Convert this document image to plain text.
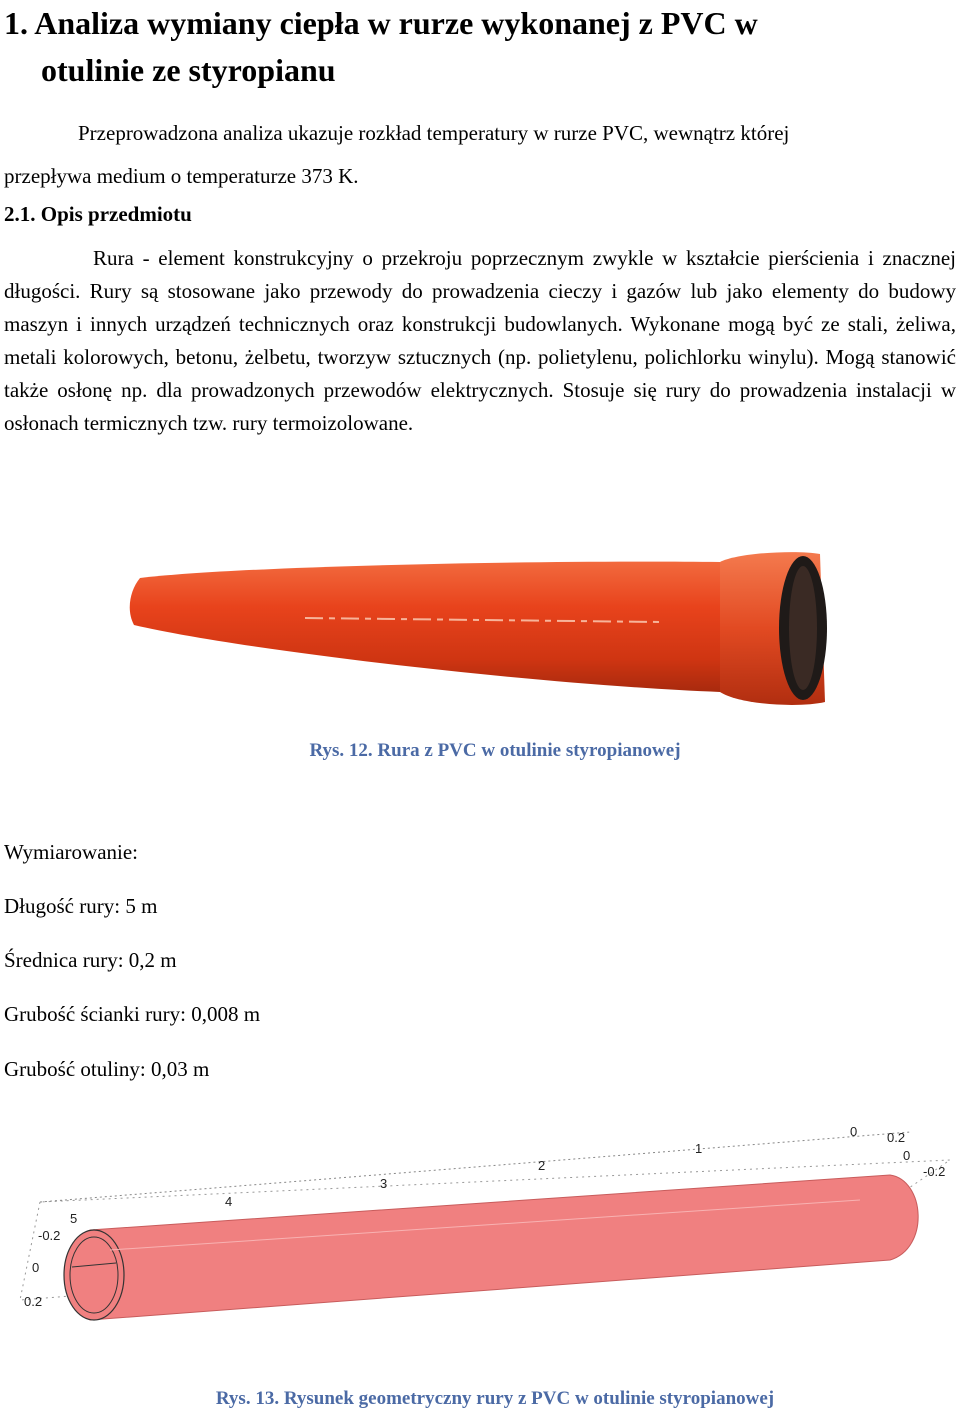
1. Analiza wymiany ciepła w rurze wykonanej z PVC w
otulinie ze styropianu

Przeprowadzona analiza ukazuje rozkład temperatury w rurze PVC, wewnątrz której
przepływa medium o temperaturze 373 K.

2.1. Opis przedmiotu

Rura - element konstrukcyjny o przekroju poprzecznym zwykle w kształcie pierścienia i znacznej długości. Rury są stosowane jako przewody do prowadzenia cieczy i gazów lub jako elementy do budowy maszyn i innych urządzeń technicznych oraz konstrukcji budowlanych. Wykonane mogą być ze stali, żeliwa, metali kolorowych, betonu, żelbetu, tworzyw sztucznych (np. polietylenu, polichlorku winylu). Mogą stanowić także osłonę np. dla prowadzonych przewodów elektrycznych. Stosuje się rury do prowadzenia instalacji w osłonach termicznych tzw. rury termoizolowane.

Rys. 12. Rura z PVC w otulinie styropianowej
Wymiarowanie:
Długość rury: 5 m
Średnica rury: 0,2 m
Grubość ścianki rury: 0,008 m
Grubość otuliny: 0,03 m
5
4
3
2
1
0
-0.2
0
0.2
0.2
0
-0.2
Rys. 13. Rysunek geometryczny rury z PVC w otulinie styropianowej
